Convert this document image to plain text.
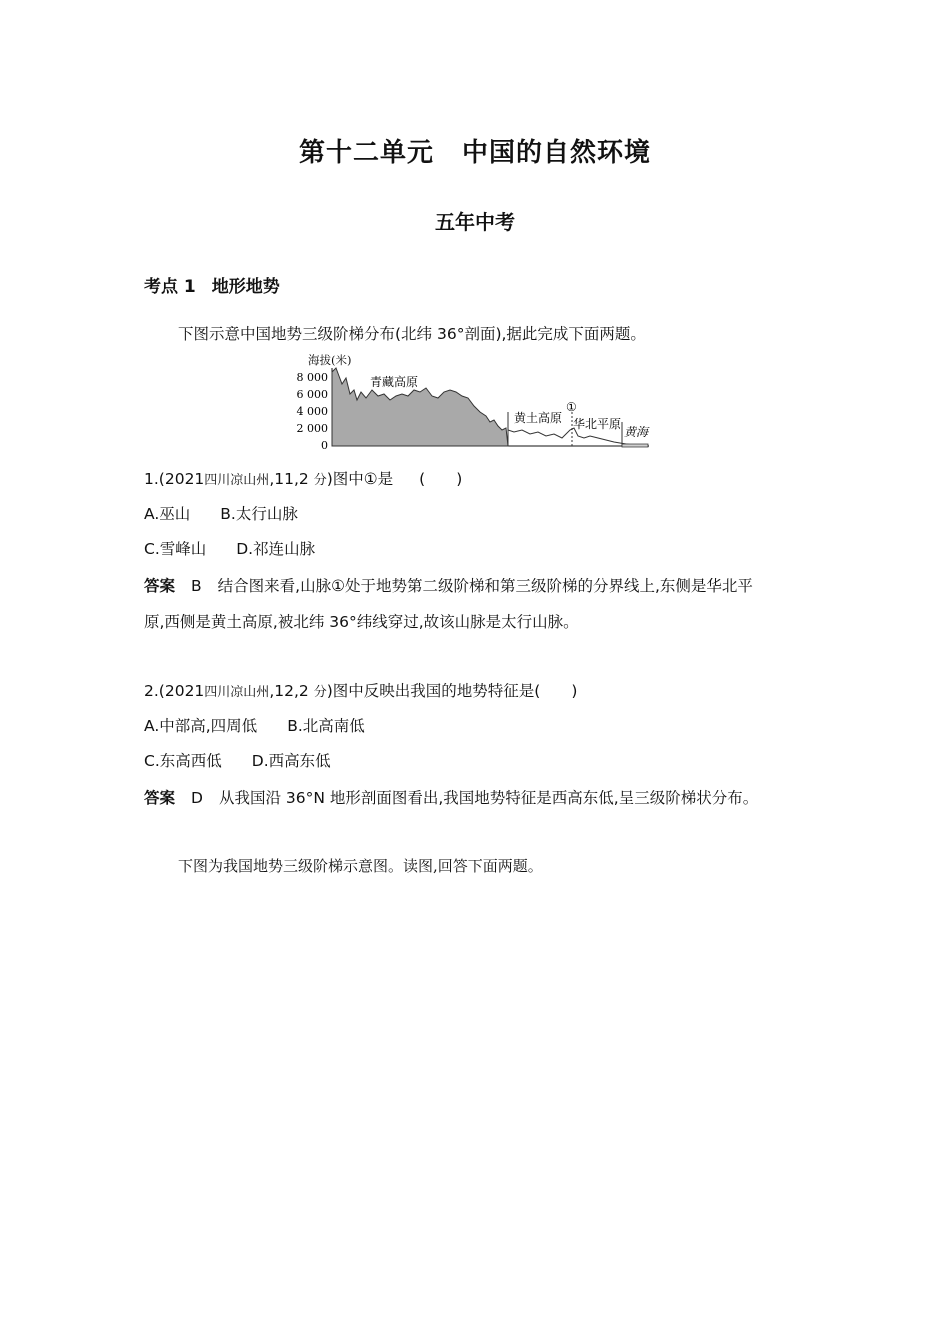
第十二单元 中国的自然环境
五年中考
考点 1 地形地势
下图示意中国地势三级阶梯分布(北纬 36°剖面),据此完成下面两题。
海拔(米)
8 000
6 000
4 000
2 000
0
青藏高原
黄土高原
①
华北平原
黄海
1.(2021四川凉山州,11,2 分)图中①是 (　　)
A.巫山 B.太行山脉
C.雪峰山 D.祁连山脉
答案 B 结合图来看,山脉①处于地势第二级阶梯和第三级阶梯的分界线上,东侧是华北平
原,西侧是黄土高原,被北纬 36°纬线穿过,故该山脉是太行山脉。
2.(2021四川凉山州,12,2 分)图中反映出我国的地势特征是(　　)
A.中部高,四周低 B.北高南低
C.东高西低 D.西高东低
答案 D 从我国沿 36°N 地形剖面图看出,我国地势特征是西高东低,呈三级阶梯状分布。
下图为我国地势三级阶梯示意图。读图,回答下面两题。
